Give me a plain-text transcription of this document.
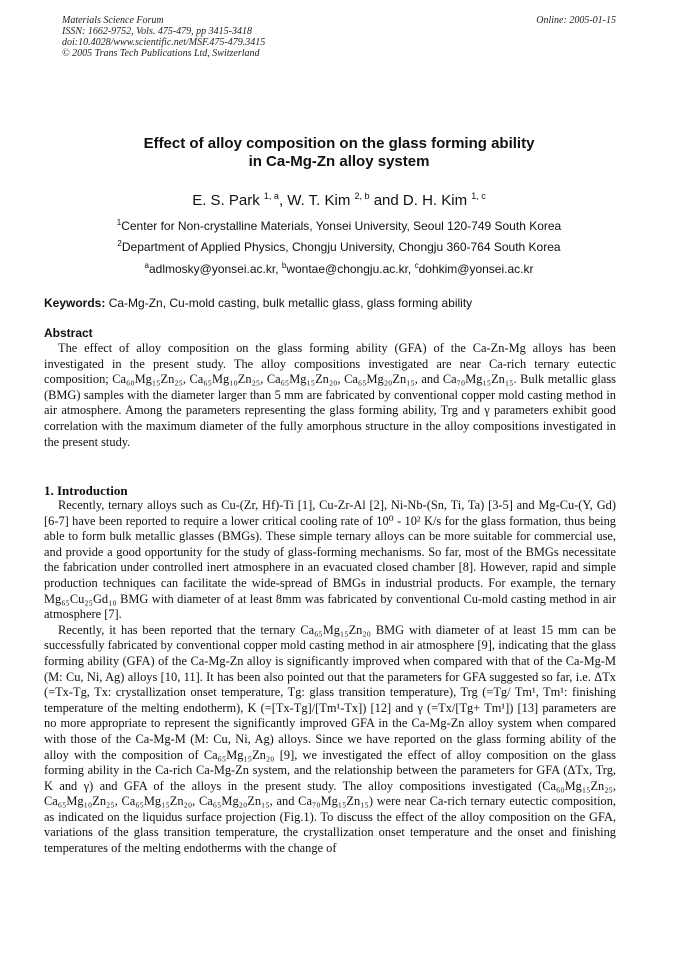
Materials Science Forum
ISSN: 1662-9752, Vols. 475-479, pp 3415-3418
doi:10.4028/www.scientific.net/MSF.475-479.3415
© 2005 Trans Tech Publications Ltd, Switzerland
Online: 2005-01-15
Effect of alloy composition on the glass forming ability
in Ca-Mg-Zn alloy system
E. S. Park $^{1, a}$, W. T. Kim $^{2, b}$ and D. H. Kim $^{1, c}$
$^1$Center for Non-crystalline Materials, Yonsei University, Seoul 120-749 South Korea
$^2$Department of Applied Physics, Chongju University, Chongju 360-764 South Korea
$^a$adlmosky@yonsei.ac.kr, $^b$wontae@chongju.ac.kr, $^c$dohkim@yonsei.ac.kr
Keywords: Ca-Mg-Zn, Cu-mold casting, bulk metallic glass, glass forming ability
Abstract

The effect of alloy composition on the glass forming ability (GFA) of the Ca-Zn-Mg alloys has been investigated in the present study. The alloy compositions investigated are near Ca-rich ternary eutectic composition; Ca₆₀Mg₁₅Zn₂₅, Ca₆₅Mg₁₀Zn₂₅, Ca₆₅Mg₁₅Zn₂₀, Ca₆₅Mg₂₀Zn₁₅, and Ca₇₀Mg₁₅Zn₁₅. Bulk metallic glass (BMG) samples with the diameter larger than 5 mm are fabricated by conventional copper mold casting method in air atmosphere. Among the parameters representing the glass forming ability, Trg and γ parameters exhibit good correlation with the maximum diameter of the fully amorphous structure in the alloy compositions investigated in the present study.

1. Introduction

Recently, ternary alloys such as Cu-(Zr, Hf)-Ti [1], Cu-Zr-Al [2], Ni-Nb-(Sn, Ti, Ta) [3-5] and Mg-Cu-(Y, Gd) [6-7] have been reported to require a lower critical cooling rate of 10⁰ - 10² K/s for the glass formation, thus being able to form bulk metallic glasses (BMGs). These simple ternary alloys can be more suitable for commercial use, and provide a good opportunity for the study of glass-forming mechanisms. So far, most of the BMGs necessitate the fabrication under controlled inert atmosphere in an evacuated closed chamber [8]. However, rapid and simple production techniques can facilitate the wide-spread of BMGs in industrial products. For example, the ternary Mg₆₅Cu₂₅Gd₁₀ BMG with diameter of at least 8mm was fabricated by conventional Cu-mold casting method in air atmosphere [7].

Recently, it has been reported that the ternary Ca₆₅Mg₁₅Zn₂₀ BMG with diameter of at least 15 mm can be successfully fabricated by conventional copper mold casting method in air atmosphere [9], indicating that the glass forming ability (GFA) of the Ca-Mg-Zn alloy is significantly improved when compared with that of the Ca-Mg-M (M: Cu, Ni, Ag) alloys [10, 11]. It has been also pointed out that the parameters for GFA suggested so far, i.e. ΔTx (=Tx-Tg, Tx: crystallization onset temperature, Tg: glass transition temperature), Trg (=Tg/ Tm¹, Tm¹: finishing temperature of the melting endotherm), K (=[Tx-Tg]/[Tm¹-Tx]) [12] and γ (=Tx/[Tg+ Tm¹]) [13] parameters are no more appropriate to represent the significantly improved GFA in the Ca-Mg-Zn alloy system when compared with those of the Ca-Mg-M (M: Cu, Ni, Ag) alloys. Since we have reported on the glass forming ability of the alloy with the composition of Ca₆₅Mg₁₅Zn₂₀ [9], we investigated the effect of alloy composition on the glass forming ability in the Ca-rich Ca-Mg-Zn system, and the relationship between the parameters for GFA (ΔTx, Trg, K and γ) and GFA of the alloys in the present study. The alloy compositions investigated (Ca₆₀Mg₁₅Zn₂₅, Ca₆₅Mg₁₀Zn₂₅, Ca₆₅Mg₁₅Zn₂₀, Ca₆₅Mg₂₀Zn₁₅, and Ca₇₀Mg₁₅Zn₁₅) were near Ca-rich ternary eutectic composition, as indicated on the liquidus surface projection (Fig.1). To discuss the effect of the alloy composition on the GFA, variations of the glass transition temperature, the crystallization onset temperature and the onset and finishing temperatures of the melting endotherms with the change of
